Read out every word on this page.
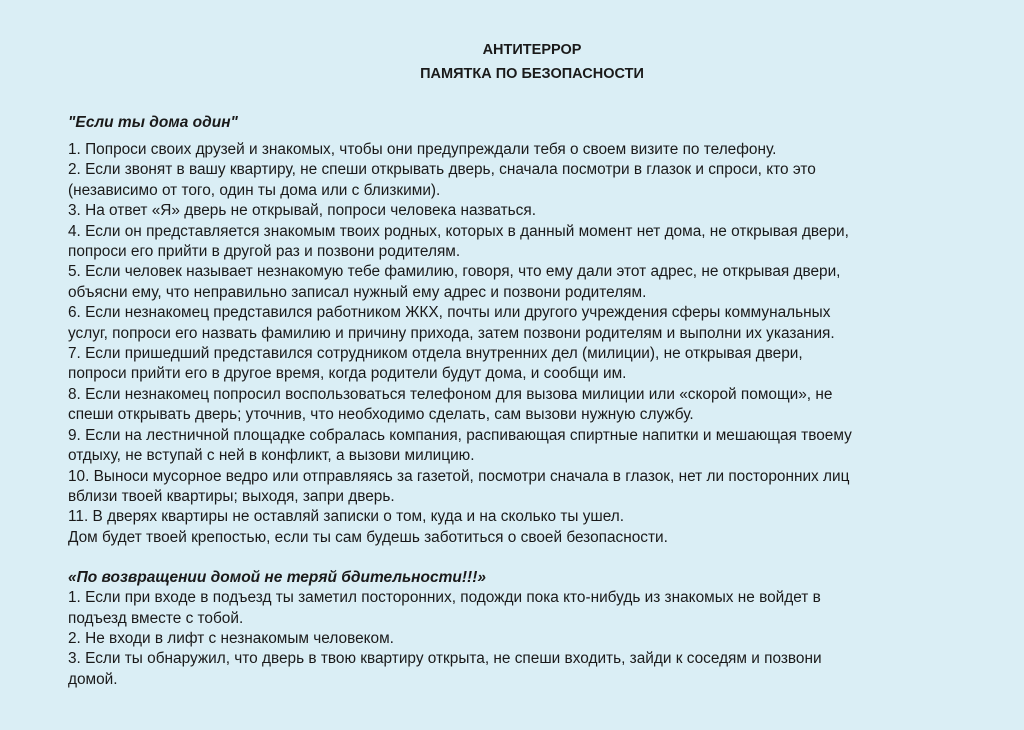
АНТИТЕРРОР
ПАМЯТКА ПО БЕЗОПАСНОСТИ
"Если ты дома один"
1. Попроси своих друзей и знакомых, чтобы они предупреждали тебя о своем визите по телефону.
2. Если звонят в вашу квартиру, не спеши открывать дверь, сначала посмотри в глазок и спроси, кто это
(независимо от того, один ты дома или с близкими).
3. На ответ «Я» дверь не открывай, попроси человека назваться.
4. Если он представляется знакомым твоих родных, которых в данный момент нет дома, не открывая двери,
попроси его прийти в другой раз и позвони родителям.
5. Если человек называет незнакомую тебе фамилию, говоря, что ему дали этот адрес, не открывая двери,
объясни ему, что неправильно записал нужный ему адрес и позвони родителям.
6. Если незнакомец представился работником ЖКХ, почты или другого учреждения сферы коммунальных
услуг, попроси его назвать фамилию и причину прихода, затем позвони родителям и выполни их указания.
7. Если пришедший представился сотрудником отдела внутренних дел (милиции), не открывая двери,
попроси прийти его в другое время, когда родители будут дома, и сообщи им.
8. Если незнакомец попросил воспользоваться телефоном для вызова милиции или «скорой помощи», не
спеши открывать дверь; уточнив, что необходимо сделать, сам вызови нужную службу.
9. Если на лестничной площадке собралась компания, распивающая спиртные напитки и мешающая твоему
отдыху, не вступай с ней в конфликт, а вызови милицию.
10. Выноси мусорное ведро или отправляясь за газетой, посмотри сначала в глазок, нет ли посторонних лиц
вблизи твоей квартиры; выходя, запри дверь.
11. В дверях квартиры не оставляй записки о том, куда и на сколько ты ушел.
Дом будет твоей крепостью, если ты сам будешь заботиться о своей безопасности.
«По возвращении домой не теряй бдительности!!!»
1. Если при входе в подъезд ты заметил посторонних, подожди пока кто-нибудь из знакомых не войдет в
подъезд вместе с тобой.
2. Не входи в лифт с незнакомым человеком.
3. Если ты обнаружил, что дверь в твою квартиру открыта, не спеши входить, зайди к соседям и позвони
домой.
